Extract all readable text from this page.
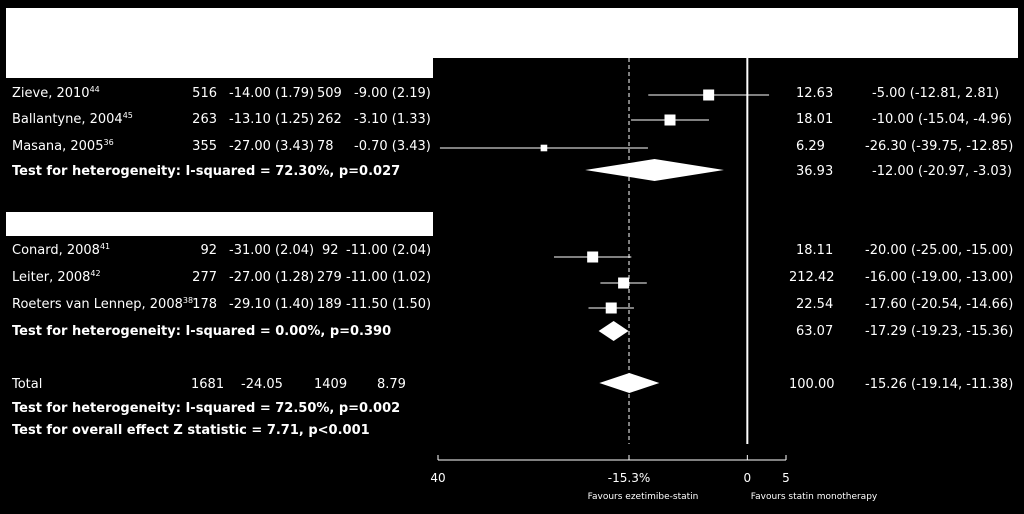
Zieve, 2010$^{44}$	516 -14.00 (1.79) 509 -9.00 (2.19)	12.63	-5.00 (-12.81, 2.81)
Ballantyne, 2004$^{45}$	263 -13.10 (1.25) 262 -3.10 (1.33)	18.01	-10.00 (-15.04, -4.96)
Masana, 2005$^{36}$	355 -27.00 (3.43) 78 -0.70 (3.43)	6.29	-26.30 (-39.75, -12.85)
Test for heterogeneity: I-squared = 72.30%, p=0.027	36.93	-12.00 (-20.97, -3.03)
Conard, 2008$^{41}$	92 -31.00 (2.04) 92 -11.00 (2.04)	18.11 -20.00 (-25.00, -15.00)
Leiter, 2008$^{42}$	277 -27.00 (1.28) 279 -11.00 (1.02)	212.42 -16.00 (-19.00, -13.00)
Roeters van Lennep, 2008$^{38}$ 178 -29.10 (1.40) 189 -11.50 (1.50)	22.54 -17.60 (-20.54, -14.66)
Test for heterogeneity: I-squared = 0.00%, p=0.390	63.07 -17.29 (-19.23, -15.36)
Total	1681 -24.05 1409 8.79	100.00 -15.26 (-19.14, -11.38)
Test for heterogeneity: I-squared = 72.50%, p=0.002
Test for overall effect Z statistic = 7.71, p<0.001
40	-15.3%	0	5
Favours ezetimibe-statin	Favours statin monotherapy
